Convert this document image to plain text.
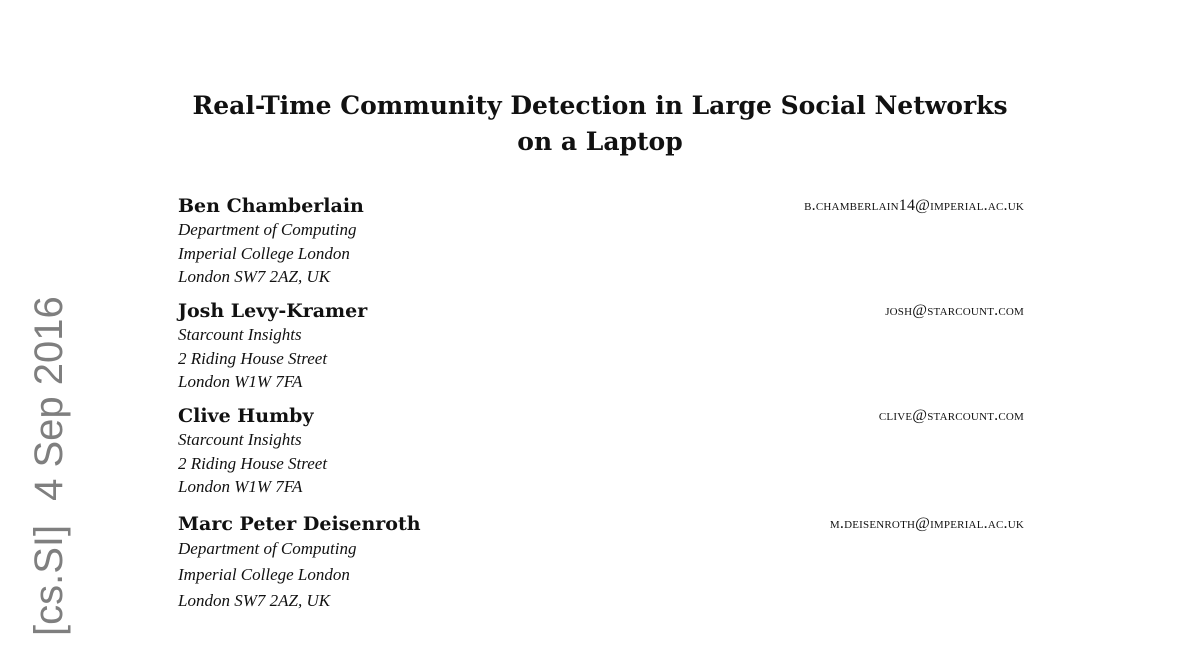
Real-Time Community Detection in Large Social Networks
on a Laptop
Ben Chamberlain	b.chamberlain14@imperial.ac.uk
Department of Computing
Imperial College London
London SW7 2AZ, UK
Josh Levy-Kramer	josh@starcount.com
Starcount Insights
2 Riding House Street
London W1W 7FA
Clive Humby	clive@starcount.com
Starcount Insights
2 Riding House Street
London W1W 7FA
Marc Peter Deisenroth	m.deisenroth@imperial.ac.uk
Department of Computing
Imperial College London
London SW7 2AZ, UK
[cs.SI]4 Sep 2016
